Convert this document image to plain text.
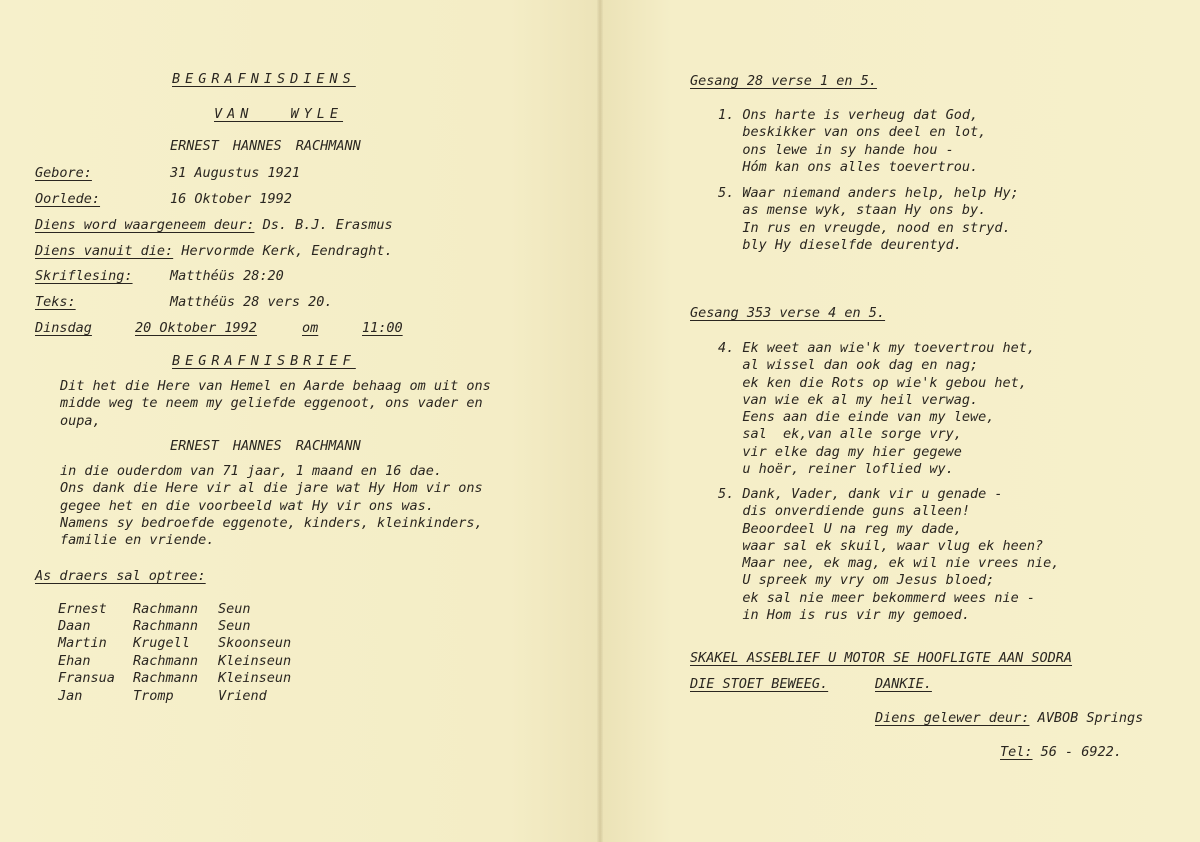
BEGRAFNISDIENS
VAN WYLE
ERNEST HANNES RACHMANN
Gebore:	31 Augustus 1921
Oorlede:	16 Oktober 1992
Diens word waargeneem deur: Ds. B.J. Erasmus
Diens vanuit die: Hervormde Kerk, Eendraght.
Skriflesing:	Matthéüs 28:20
Teks:	Matthéüs 28 vers 20.
Dinsdag	20 Oktober 1992	om	11:00
BEGRAFNISBRIEF
Dit het die Here van Hemel en Aarde behaag om uit ons
midde weg te neem my geliefde eggenoot, ons vader en
oupa,
ERNEST HANNES RACHMANN
in die ouderdom van 71 jaar, 1 maand en 16 dae.
Ons dank die Here vir al die jare wat Hy Hom vir ons
gegee het en die voorbeeld wat Hy vir ons was.
Namens sy bedroefde eggenote, kinders, kleinkinders,
familie en vriende.
As draers sal optree:
Ernest	Rachmann	Seun
Daan	Rachmann	Seun
Martin	Krugell	Skoonseun
Ehan	Rachmann	Kleinseun
Fransua	Rachmann	Kleinseun
Jan	Tromp	Vriend
Gesang 28 verse 1 en 5.
1. Ons harte is verheug dat God,
beskikker van ons deel en lot,
ons lewe in sy hande hou -
Hóm kan ons alles toevertrou.
5. Waar niemand anders help, help Hy;
as mense wyk, staan Hy ons by.
In rus en vreugde, nood en stryd.
bly Hy dieselfde deurentyd.
Gesang 353 verse 4 en 5.
4. Ek weet aan wie'k my toevertrou het,
al wissel dan ook dag en nag;
ek ken die Rots op wie'k gebou het,
van wie ek al my heil verwag.
Eens aan die einde van my lewe,
sal  ek,van alle sorge vry,
vir elke dag my hier gegewe
u hoër, reiner loflied wy.
5. Dank, Vader, dank vir u genade -
dis onverdiende guns alleen!
Beoordeel U na reg my dade,
waar sal ek skuil, waar vlug ek heen?
Maar nee, ek mag, ek wil nie vrees nie,
U spreek my vry om Jesus bloed;
ek sal nie meer bekommerd wees nie -
in Hom is rus vir my gemoed.
SKAKEL ASSEBLIEF U MOTOR SE HOOFLIGTE AAN SODRA
DIE STOET BEWEEG.	DANKIE.
Diens gelewer deur: AVBOB Springs
Tel: 56 - 6922.
